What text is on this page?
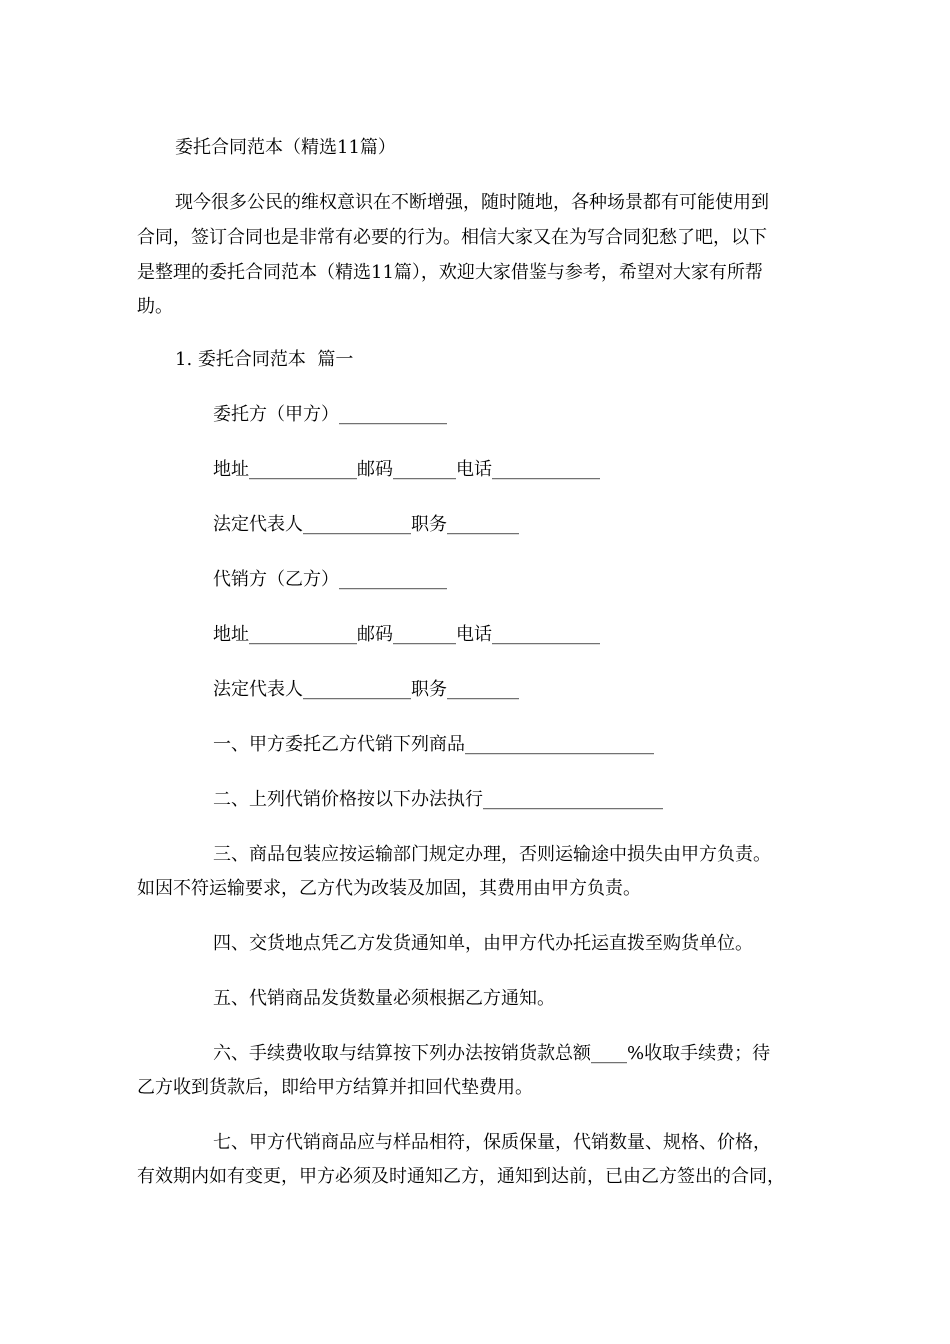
委托合同范本（精选11篇）
现今很多公民的维权意识在不断增强，随时随地，各种场景都有可能使用到
合同，签订合同也是非常有必要的行为。相信大家又在为写合同犯愁了吧，以下
是整理的委托合同范本（精选11篇），欢迎大家借鉴与参考，希望对大家有所帮
助。
1. 委托合同范本  篇一
委托方（甲方）____________
地址____________邮码_______电话____________
法定代表人____________职务________
代销方（乙方）____________
地址____________邮码_______电话____________
法定代表人____________职务________
一、甲方委托乙方代销下列商品_____________________
二、上列代销价格按以下办法执行____________________
三、商品包装应按运输部门规定办理，否则运输途中损失由甲方负责。
如因不符运输要求，乙方代为改装及加固，其费用由甲方负责。
四、交货地点凭乙方发货通知单，由甲方代办托运直拨至购货单位。
五、代销商品发货数量必须根据乙方通知。
六、手续费收取与结算按下列办法按销货款总额____%收取手续费；待
乙方收到货款后，即给甲方结算并扣回代垫费用。
七、甲方代销商品应与样品相符，保质保量，代销数量、规格、价格，
有效期内如有变更，甲方必须及时通知乙方，通知到达前，已由乙方签出的合同，
